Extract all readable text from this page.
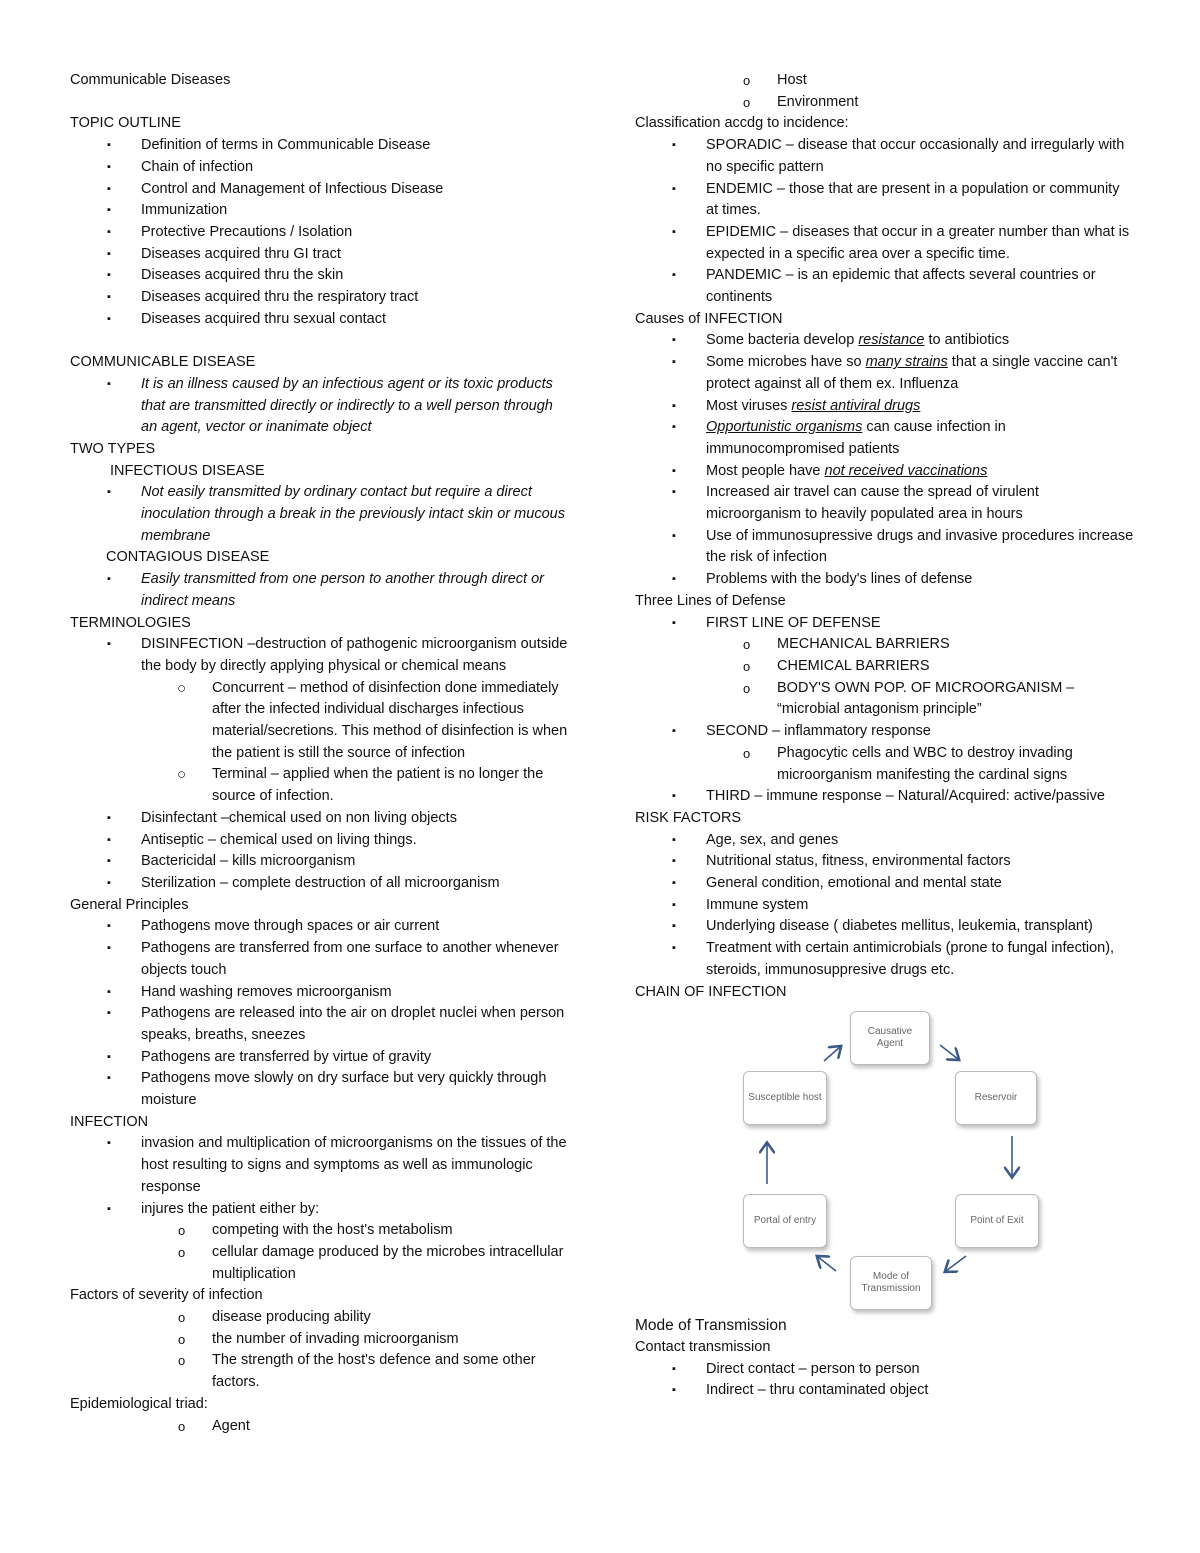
Communicable Diseases
TOPIC OUTLINE
▪ Definition of terms in Communicable Disease
▪ Chain of infection
▪ Control and Management of Infectious Disease
▪ Immunization
▪ Protective Precautions / Isolation
▪ Diseases acquired thru GI tract
▪ Diseases acquired thru the skin
▪ Diseases acquired thru the respiratory tract
▪ Diseases acquired thru sexual contact
COMMUNICABLE DISEASE
▪ It is an illness caused by an infectious agent or its toxic products that are transmitted directly or indirectly to a well person through an agent, vector or inanimate object
TWO TYPES
INFECTIOUS DISEASE
▪ Not easily transmitted by ordinary contact but require a direct inoculation through a break in the previously intact skin or mucous membrane
CONTAGIOUS DISEASE
▪ Easily transmitted from one person to another through direct or indirect means
TERMINOLOGIES
▪ DISINFECTION –destruction of pathogenic microorganism outside the body by directly applying physical or chemical means
○ Concurrent – method of disinfection done immediately after the infected individual discharges infectious material/secretions. This method of disinfection is when the patient is still the source of infection
○ Terminal – applied when the patient is no longer the source of infection.
▪ Disinfectant –chemical used on non living objects
▪ Antiseptic – chemical used on living things.
▪ Bactericidal – kills microorganism
▪ Sterilization – complete destruction of all microorganism
General Principles
▪ Pathogens move through spaces or air current
▪ Pathogens are transferred from one surface to another whenever objects touch
▪ Hand washing removes microorganism
▪ Pathogens are released into the air on droplet nuclei when person speaks, breaths, sneezes
▪ Pathogens are transferred by virtue of gravity
▪ Pathogens move slowly on dry surface but very quickly through moisture
INFECTION
▪ invasion and multiplication of microorganisms on the tissues of the host resulting to signs and symptoms as well as immunologic response
▪ injures the patient either by:
o competing with the host's metabolism
o cellular damage produced by the microbes intracellular multiplication
Factors of severity of infection
o disease producing ability
o the number of invading microorganism
o The strength of the host's defence and some other factors.
Epidemiological triad:
o Agent
o Host
o Environment
Classification accdg to incidence:
▪ SPORADIC – disease that occur occasionally and irregularly with no specific pattern
▪ ENDEMIC – those that are present in a population or community at times.
▪ EPIDEMIC – diseases that occur in a greater number than what is expected in a specific area over a specific time.
▪ PANDEMIC – is an epidemic that affects several countries or continents
Causes of INFECTION
▪ Some bacteria develop resistance to antibiotics
▪ Some microbes have so many strains that a single vaccine can't protect against all of them ex. Influenza
▪ Most viruses resist antiviral drugs
▪ Opportunistic organisms can cause infection in immunocompromised patients
▪ Most people have not received vaccinations
▪ Increased air travel can cause the spread of virulent microorganism to heavily populated area in hours
▪ Use of immunosupressive drugs and invasive procedures increase the risk of infection
▪ Problems with the body's lines of defense
Three Lines of Defense
▪ FIRST LINE OF DEFENSE
o MECHANICAL BARRIERS
o CHEMICAL BARRIERS
o BODY'S OWN POP. OF MICROORGANISM – “microbial antagonism principle”
▪ SECOND – inflammatory response
o Phagocytic cells and WBC to destroy invading microorganism manifesting the cardinal signs
▪ THIRD – immune response – Natural/Acquired: active/passive
RISK FACTORS
▪ Age, sex, and genes
▪ Nutritional status, fitness, environmental factors
▪ General condition, emotional and mental state
▪ Immune system
▪ Underlying disease ( diabetes mellitus, leukemia, transplant)
▪ Treatment with certain antimicrobials (prone to fungal infection), steroids, immunosuppresive drugs etc.
CHAIN OF INFECTION
Causative Agent
Reservoir
Point of Exit
Mode of Transmission
Portal of entry
Susceptible host
Mode of Transmission
Contact transmission
▪ Direct contact – person to person
▪ Indirect – thru contaminated object
